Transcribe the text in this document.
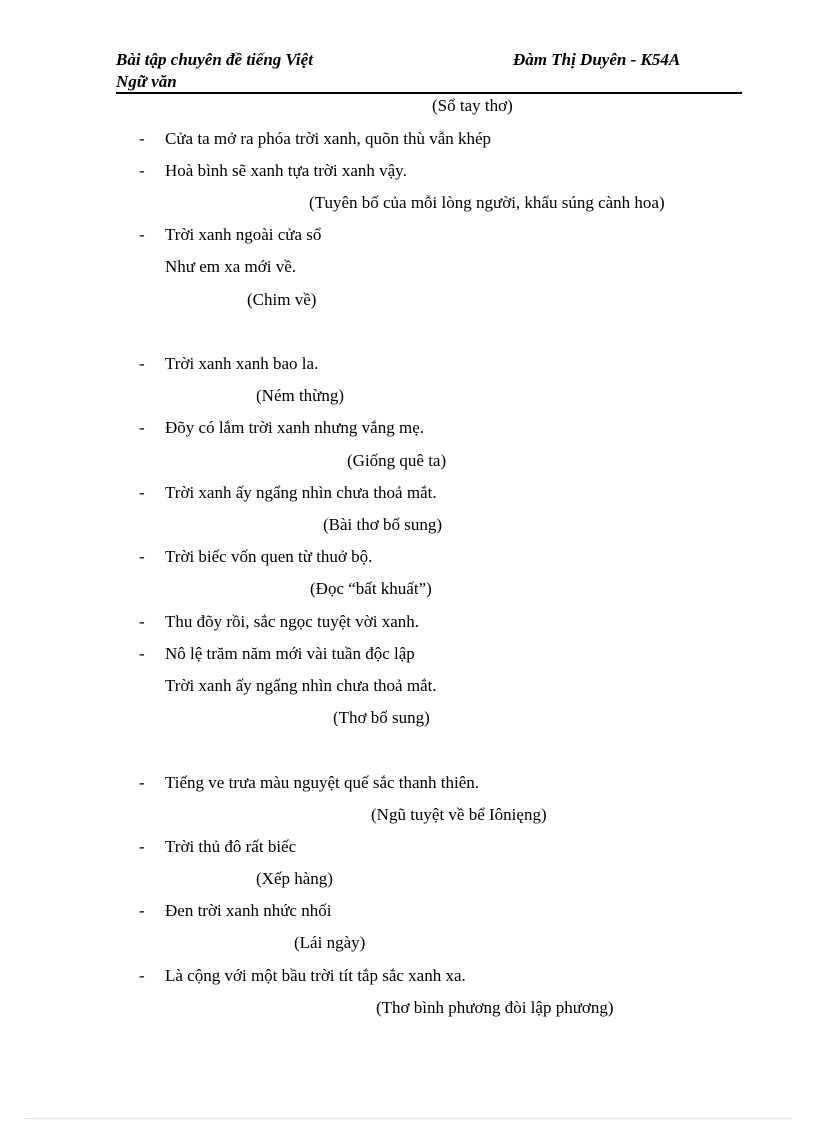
Bài tập chuyên đề tiếng Việt
Ngữ văn
Đàm Thị Duyên - K54A
(Sổ tay thơ)
- Cửa ta mở ra phóa trời xanh, quõn thù vẫn khép
- Hoà bình sẽ xanh tựa trời xanh vậy.
(Tuyên bố của mỗi lòng người, khẩu súng cành hoa)
- Trời xanh ngoài cửa sổ
Như em xa mới về.
(Chim về)
- Trời xanh xanh bao la.
(Ném thừng)
- Đõy có lắm trời xanh nhưng vắng mẹ.
(Giống quê ta)
- Trời xanh ấy ngẩng nhìn chưa thoả mắt.
(Bài thơ bổ sung)
- Trời biếc vốn quen từ thuở bộ.
(Đọc “bất khuất”)
- Thu đõy rồi, sắc ngọc tuyệt vời xanh.
- Nô lệ trăm năm mới vài tuần độc lập
Trời xanh ấy ngẩng nhìn chưa thoả mắt.
(Thơ bổ sung)
- Tiếng ve trưa màu nguyệt quế sắc thanh thiên.
(Ngũ tuyệt về bể Iônięng)
- Trời thủ đô rất biếc
(Xếp hàng)
- Đen trời xanh nhức nhối
(Lái ngày)
- Là cộng với một bầu trời tít tắp sắc xanh xa.
(Thơ bình phương đòi lập phương)
